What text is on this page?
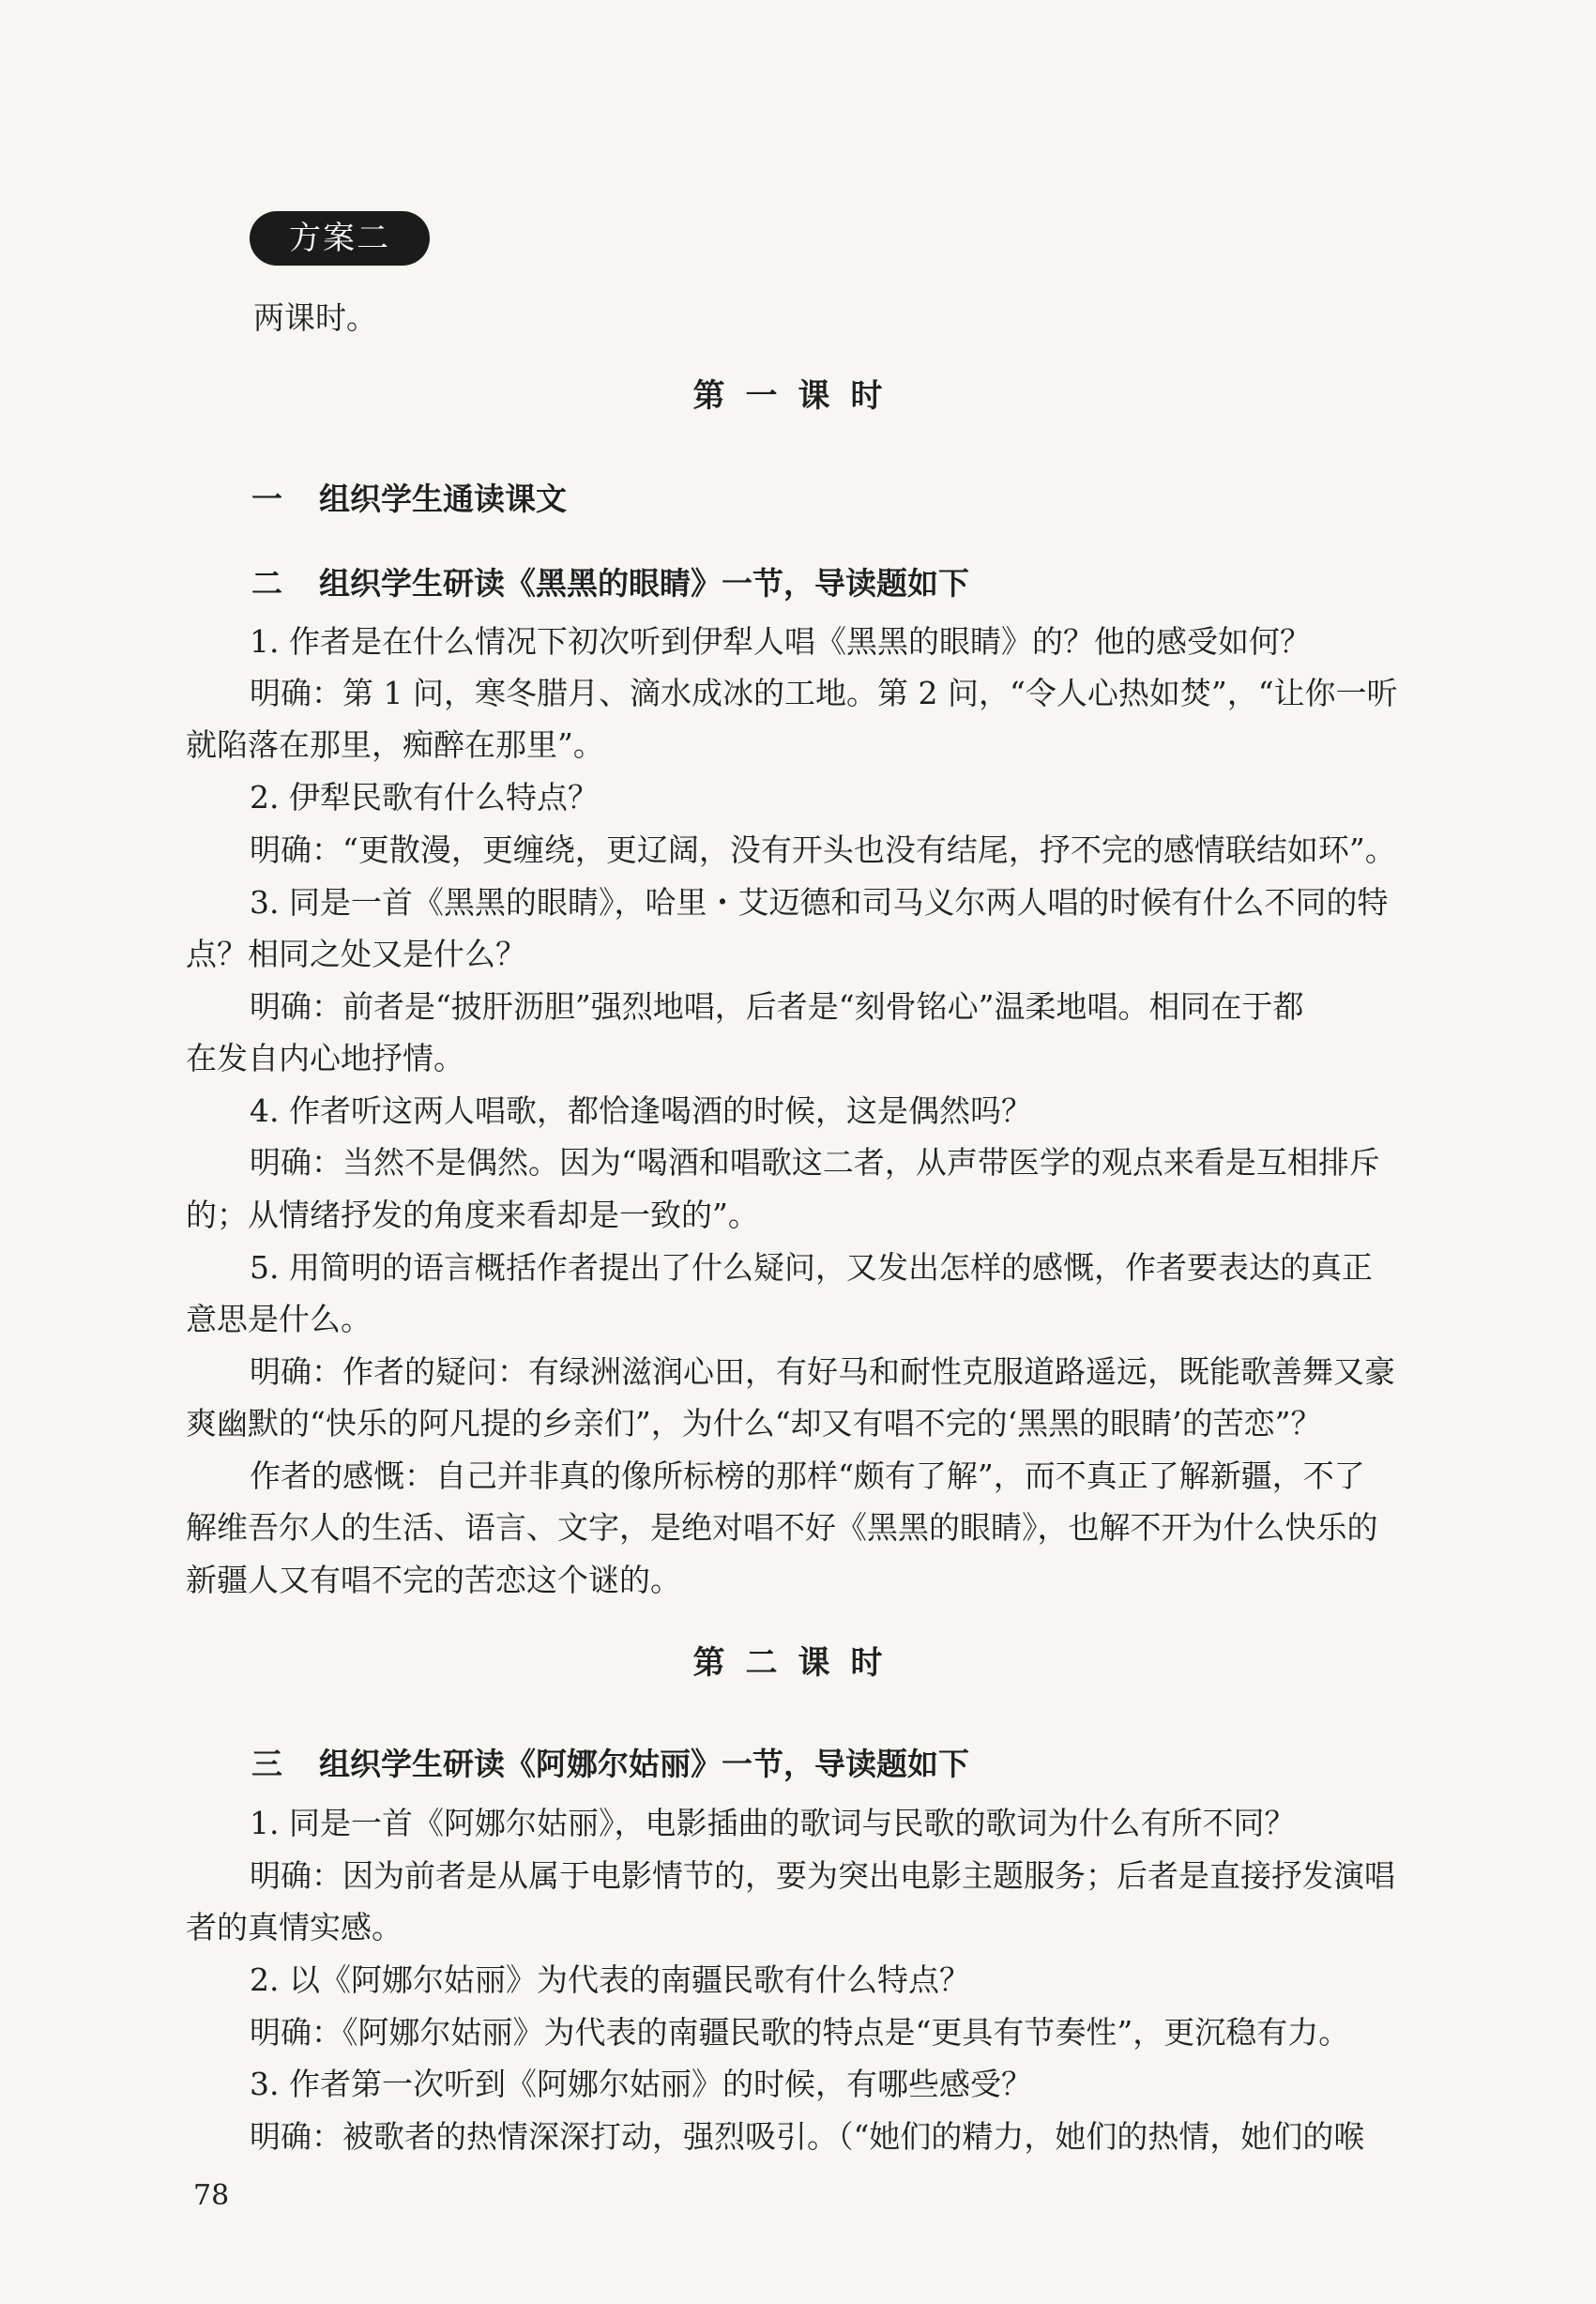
方案二
两课时。
第一课时
一 组织学生通读课文
二 组织学生研读《黑黑的眼睛》一节，导读题如下
1. 作者是在什么情况下初次听到伊犁人唱《黑黑的眼睛》的？他的感受如何？
明确：第 1 问，寒冬腊月、滴水成冰的工地。第 2 问，“令人心热如焚”，“让你一听
就陷落在那里，痴醉在那里”。
2. 伊犁民歌有什么特点？
明确：“更散漫，更缠绕，更辽阔，没有开头也没有结尾，抒不完的感情联结如环”。
3. 同是一首《黑黑的眼睛》，哈里・艾迈德和司马义尔两人唱的时候有什么不同的特
点？相同之处又是什么？
明确：前者是“披肝沥胆”强烈地唱，后者是“刻骨铭心”温柔地唱。相同在于都
在发自内心地抒情。
4. 作者听这两人唱歌，都恰逢喝酒的时候，这是偶然吗？
明确：当然不是偶然。因为“喝酒和唱歌这二者，从声带医学的观点来看是互相排斥
的；从情绪抒发的角度来看却是一致的”。
5. 用简明的语言概括作者提出了什么疑问，又发出怎样的感慨，作者要表达的真正
意思是什么。
明确：作者的疑问：有绿洲滋润心田，有好马和耐性克服道路遥远，既能歌善舞又豪
爽幽默的“快乐的阿凡提的乡亲们”，为什么“却又有唱不完的‘黑黑的眼睛’的苦恋”？
作者的感慨：自己并非真的像所标榜的那样“颇有了解”，而不真正了解新疆，不了
解维吾尔人的生活、语言、文字，是绝对唱不好《黑黑的眼睛》，也解不开为什么快乐的
新疆人又有唱不完的苦恋这个谜的。
第二课时
三 组织学生研读《阿娜尔姑丽》一节，导读题如下
1. 同是一首《阿娜尔姑丽》，电影插曲的歌词与民歌的歌词为什么有所不同？
明确：因为前者是从属于电影情节的，要为突出电影主题服务；后者是直接抒发演唱
者的真情实感。
2. 以《阿娜尔姑丽》为代表的南疆民歌有什么特点？
明确：《阿娜尔姑丽》为代表的南疆民歌的特点是“更具有节奏性”，更沉稳有力。
3. 作者第一次听到《阿娜尔姑丽》的时候，有哪些感受？
明确：被歌者的热情深深打动，强烈吸引。（“她们的精力，她们的热情，她们的喉
78
